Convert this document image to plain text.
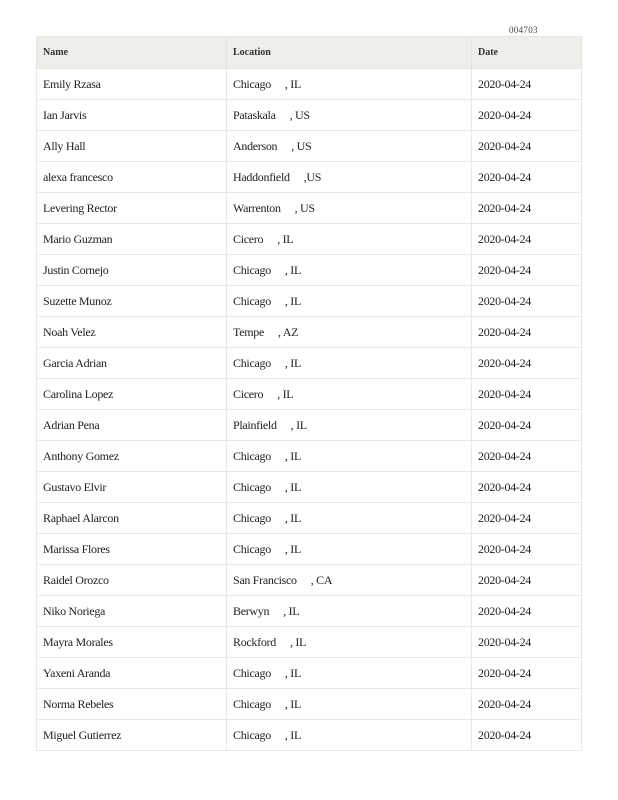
004703
Name	Location	Date
Emily Rzasa	Chicago , IL	2020-04-24
Ian Jarvis	Pataskala , US	2020-04-24
Ally Hall	Anderson , US	2020-04-24
alexa francesco	Haddonfield ,US	2020-04-24
Levering Rector	Warrenton , US	2020-04-24
Mario Guzman	Cicero , IL	2020-04-24
Justin Cornejo	Chicago , IL	2020-04-24
Suzette Munoz	Chicago , IL	2020-04-24
Noah Velez	Tempe , AZ	2020-04-24
Garcia Adrian	Chicago , IL	2020-04-24
Carolina Lopez	Cicero , IL	2020-04-24
Adrian Pena	Plainfield , IL	2020-04-24
Anthony Gomez	Chicago , IL	2020-04-24
Gustavo Elvir	Chicago , IL	2020-04-24
Raphael Alarcon	Chicago , IL	2020-04-24
Marissa Flores	Chicago , IL	2020-04-24
Raidel Orozco	San Francisco , CA	2020-04-24
Niko Noriega	Berwyn , IL	2020-04-24
Mayra Morales	Rockford , IL	2020-04-24
Yaxeni Aranda	Chicago , IL	2020-04-24
Norma Rebeles	Chicago , IL	2020-04-24
Miguel Gutierrez	Chicago , IL	2020-04-24
